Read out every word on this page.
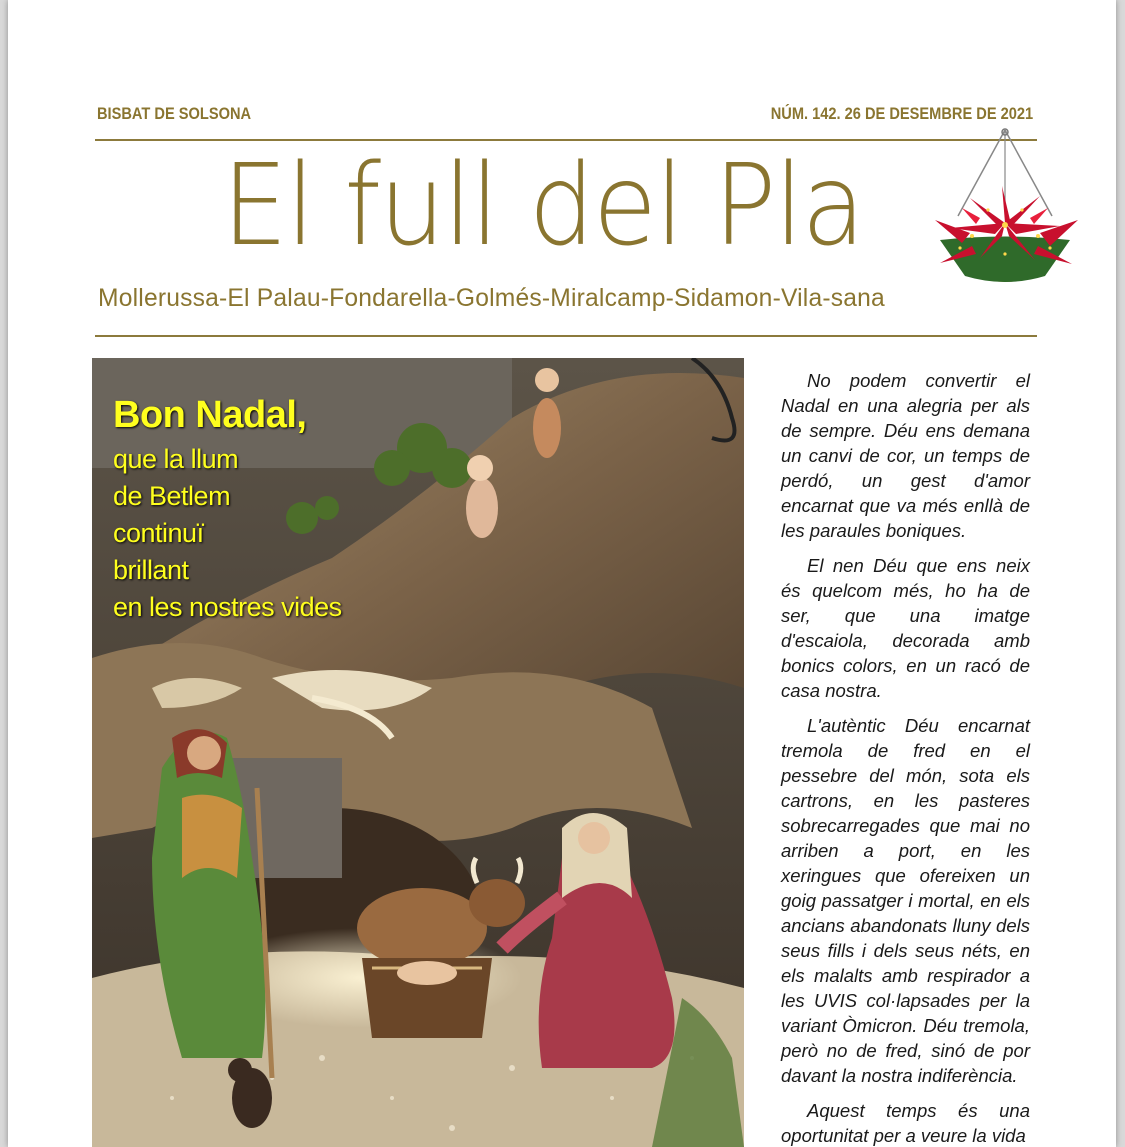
BISBAT DE SOLSONA	NÚM. 142. 26 DE DESEMBRE DE 2021
El full del Pla
Mollerussa-El Palau-Fondarella-Golmés-Miralcamp-Sidamon-Vila-sana

Bon Nadal,

que la llum

de Betlem

continuï

brillant

en les nostres vides

No podem convertir el Nadal en una alegria per als de sempre. Déu ens demana un canvi de cor, un temps de perdó, un gest d'amor encarnat que va més enllà de les paraules boniques.

El nen Déu que ens neix és quelcom més, ho ha de ser, que una imatge d'escaiola, decorada amb bonics colors, en un racó de casa nostra.

L'autèntic Déu encarnat tremola de fred en el pessebre del món, sota els cartrons, en les pasteres sobrecarregades que mai no arriben a port, en les xeringues que ofereixen un goig passatger i mortal, en els ancians abandonats lluny dels seus fills i dels seus néts, en els malalts amb respirador a les UVIS col·lapsades per la variant Òmicron. Déu tremola, però no de fred, sinó de por davant la nostra indiferència.

Aquest temps és una oportunitat per a veure la vida
